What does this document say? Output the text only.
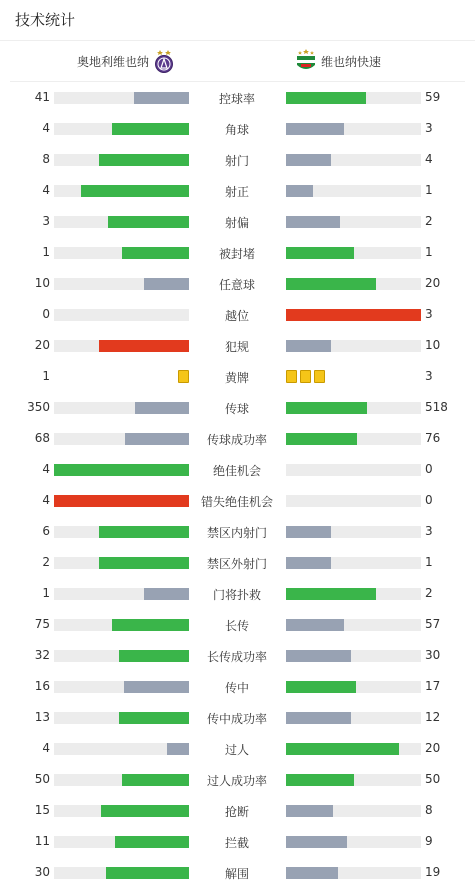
技术统计
奥地利维也纳	维也纳快速
41	控球率	59
4	角球	3
8	射门	4
4	射正	1
3	射偏	2
1	被封堵	1
10	任意球	20
0	越位	3
20	犯规	10
1	黄牌	3
350	传球	518
68	传球成功率	76
4	绝佳机会	0
4	错失绝佳机会	0
6	禁区内射门	3
2	禁区外射门	1
1	门将扑救	2
75	长传	57
32	长传成功率	30
16	传中	17
13	传中成功率	12
4	过人	20
50	过人成功率	50
15	抢断	8
11	拦截	9
30	解围	19
